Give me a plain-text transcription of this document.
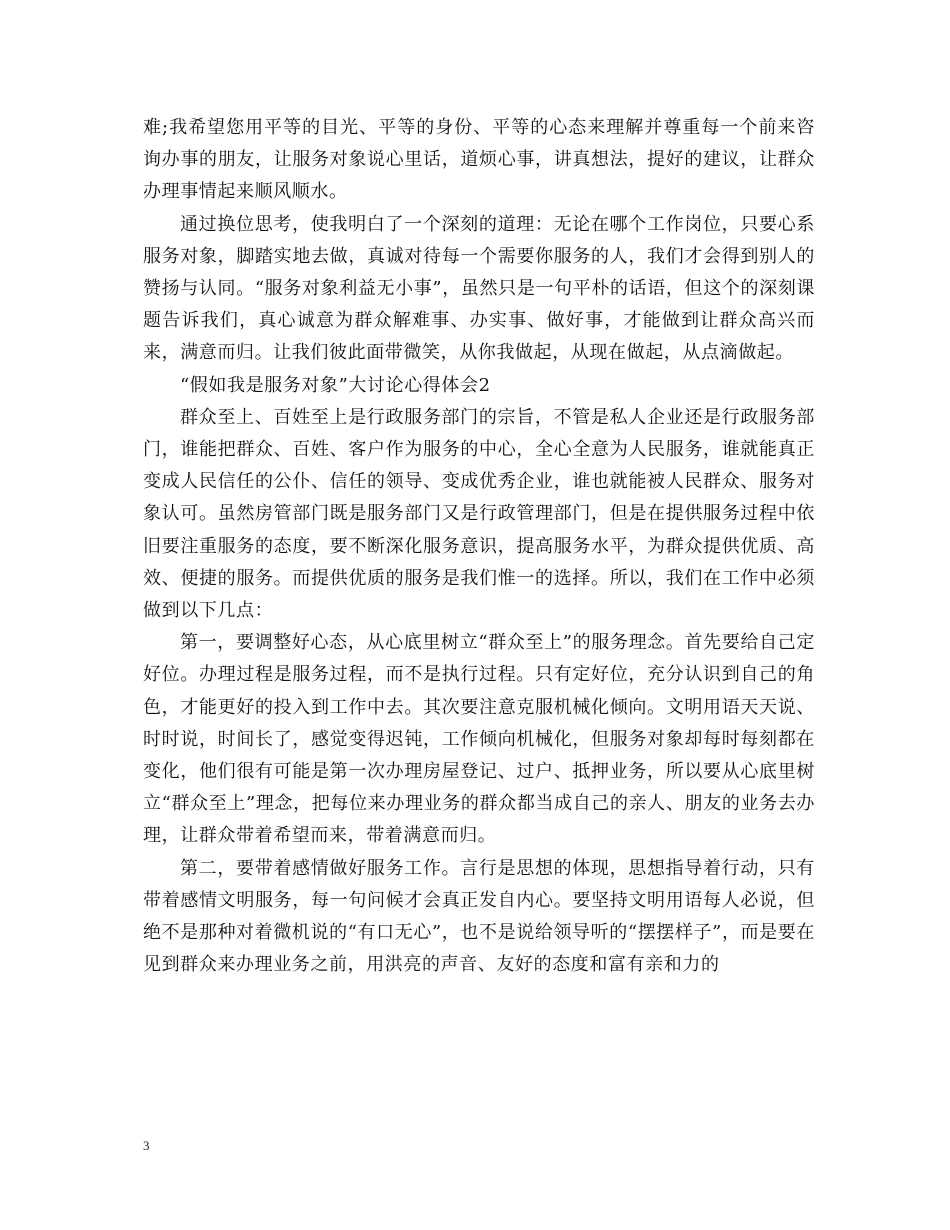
难;我希望您用平等的目光、平等的身份、平等的心态来理解并尊重每一个前来咨询办事的朋友，让服务对象说心里话，道烦心事，讲真想法，提好的建议，让群众办理事情起来顺风顺水。

通过换位思考，使我明白了一个深刻的道理：无论在哪个工作岗位，只要心系服务对象，脚踏实地去做，真诚对待每一个需要你服务的人，我们才会得到别人的赞扬与认同。“服务对象利益无小事”，虽然只是一句平朴的话语，但这个的深刻课题告诉我们，真心诚意为群众解难事、办实事、做好事，才能做到让群众高兴而来，满意而归。让我们彼此面带微笑，从你我做起，从现在做起，从点滴做起。

“假如我是服务对象”大讨论心得体会2

群众至上、百姓至上是行政服务部门的宗旨，不管是私人企业还是行政服务部门，谁能把群众、百姓、客户作为服务的中心，全心全意为人民服务，谁就能真正变成人民信任的公仆、信任的领导、变成优秀企业，谁也就能被人民群众、服务对象认可。虽然房管部门既是服务部门又是行政管理部门，但是在提供服务过程中依旧要注重服务的态度，要不断深化服务意识，提高服务水平，为群众提供优质、高效、便捷的服务。而提供优质的服务是我们惟一的选择。所以，我们在工作中必须做到以下几点：

第一，要调整好心态，从心底里树立“群众至上”的服务理念。首先要给自己定好位。办理过程是服务过程，而不是执行过程。只有定好位，充分认识到自己的角色，才能更好的投入到工作中去。其次要注意克服机械化倾向。文明用语天天说、时时说，时间长了，感觉变得迟钝，工作倾向机械化，但服务对象却每时每刻都在变化，他们很有可能是第一次办理房屋登记、过户、抵押业务，所以要从心底里树立“群众至上”理念，把每位来办理业务的群众都当成自己的亲人、朋友的业务去办理，让群众带着希望而来，带着满意而归。

第二，要带着感情做好服务工作。言行是思想的体现，思想指导着行动，只有带着感情文明服务，每一句问候才会真正发自内心。要坚持文明用语每人必说，但绝不是那种对着微机说的“有口无心”，也不是说给领导听的“摆摆样子”，而是要在见到群众来办理业务之前，用洪亮的声音、友好的态度和富有亲和力的

3
